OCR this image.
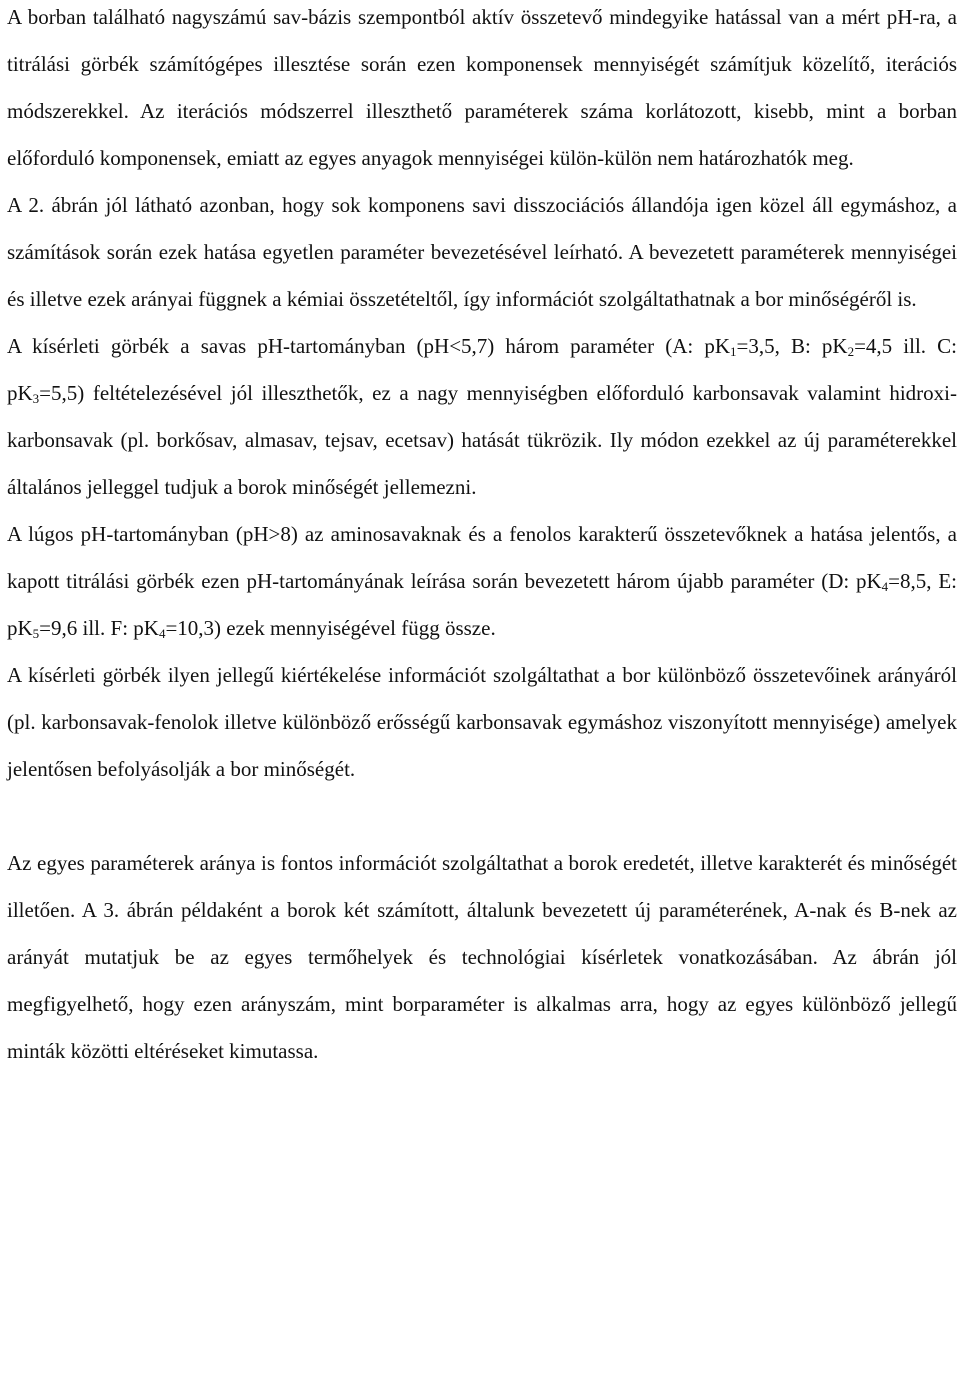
A borban található nagyszámú sav-bázis szempontból aktív összetevő mindegyike hatással van a mért pH-ra, a titrálási görbék számítógépes illesztése során ezen komponensek mennyiségét számítjuk közelítő, iterációs módszerekkel. Az iterációs módszerrel illeszthető paraméterek száma korlátozott, kisebb, mint a borban előforduló komponensek, emiatt az egyes anyagok mennyiségei külön-külön nem határozhatók meg.

A 2. ábrán jól látható azonban, hogy sok komponens savi disszociációs állandója igen közel áll egymáshoz, a számítások során ezek hatása egyetlen paraméter bevezetésével leírható. A bevezetett paraméterek mennyiségei és illetve ezek arányai függnek a kémiai összetételtől, így információt szolgáltathatnak a bor minőségéről is.

A kísérleti görbék a savas pH-tartományban (pH<5,7) három paraméter (A: $pK_1=3,5$, B: $pK_2=4,5$ ill. C: $pK_3=5,5$) feltételezésével jól illeszthetők, ez a nagy mennyiségben előforduló karbonsavak valamint hidroxi-karbonsavak (pl. borkősav, almasav, tejsav, ecetsav) hatását tükrözik. Ily módon ezekkel az új paraméterekkel általános jelleggel tudjuk a borok minőségét jellemezni.

A lúgos pH-tartományban (pH>8) az aminosavaknak és a fenolos karakterű összetevőknek a hatása jelentős, a kapott titrálási görbék ezen pH-tartományának leírása során bevezetett három újabb paraméter (D: $pK_4=8,5$, E: $pK_5=9,6$ ill. F: $pK_4=10,3$) ezek mennyiségével függ össze.

A kísérleti görbék ilyen jellegű kiértékelése információt szolgáltathat a bor különböző összetevőinek arányáról (pl. karbonsavak-fenolok illetve különböző erősségű karbonsavak egymáshoz viszonyított mennyisége) amelyek jelentősen befolyásolják a bor minőségét.

Az egyes paraméterek aránya is fontos információt szolgáltathat a borok eredetét, illetve karakterét és minőségét illetően. A 3. ábrán példaként a borok két számított, általunk bevezetett új paraméterének, A-nak és B-nek az arányát mutatjuk be az egyes termőhelyek és technológiai kísérletek vonatkozásában. Az ábrán jól megfigyelhető, hogy ezen arányszám, mint borparaméter is alkalmas arra, hogy az egyes különböző jellegű minták közötti eltéréseket kimutassa.
